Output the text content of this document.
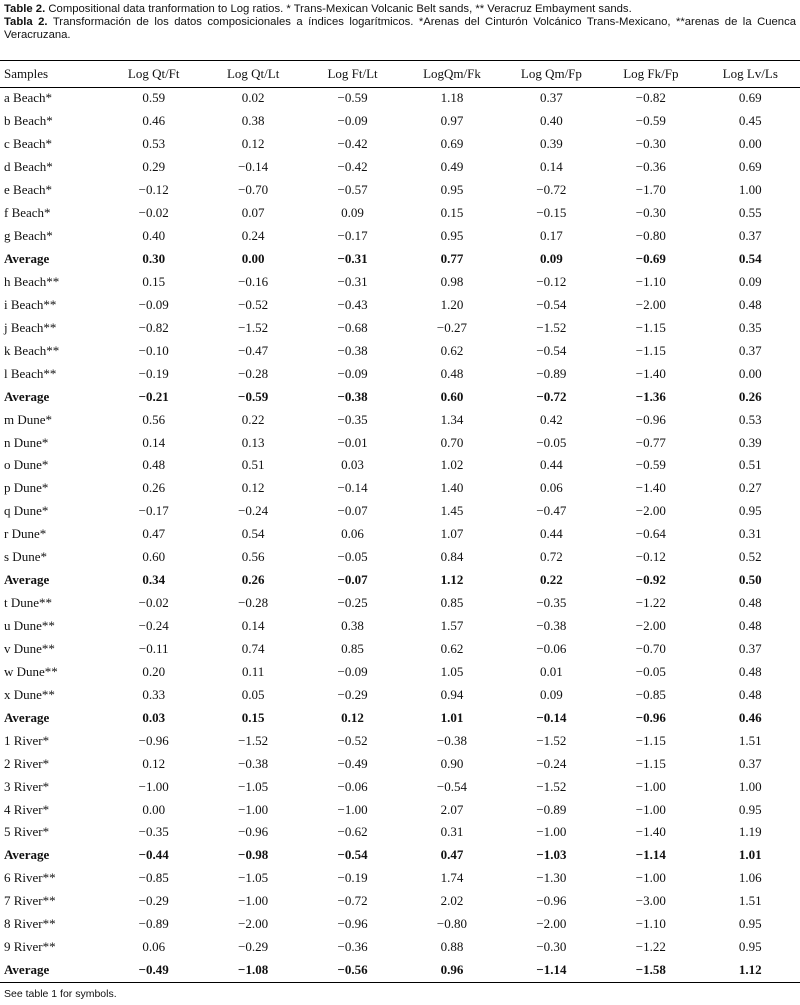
Table 2. Compositional data tranformation to Log ratios. * Trans-Mexican Volcanic Belt sands, ** Veracruz Embayment sands.
Tabla 2. Transformación de los datos composicionales a índices logarítmicos. *Arenas del Cinturón Volcánico Trans-Mexicano, **arenas de la Cuenca Veracruzana.
Samples	Log Qt/Ft	Log Qt/Lt	Log Ft/Lt	LogQm/Fk	Log Qm/Fp	Log Fk/Fp	Log Lv/Ls
a Beach*	0.59	0.02	−0.59	1.18	0.37	−0.82	0.69
b Beach*	0.46	0.38	−0.09	0.97	0.40	−0.59	0.45
c Beach*	0.53	0.12	−0.42	0.69	0.39	−0.30	0.00
d Beach*	0.29	−0.14	−0.42	0.49	0.14	−0.36	0.69
e Beach*	−0.12	−0.70	−0.57	0.95	−0.72	−1.70	1.00
f Beach*	−0.02	0.07	0.09	0.15	−0.15	−0.30	0.55
g Beach*	0.40	0.24	−0.17	0.95	0.17	−0.80	0.37
Average	0.30	0.00	−0.31	0.77	0.09	−0.69	0.54
h Beach**	0.15	−0.16	−0.31	0.98	−0.12	−1.10	0.09
i Beach**	−0.09	−0.52	−0.43	1.20	−0.54	−2.00	0.48
j Beach**	−0.82	−1.52	−0.68	−0.27	−1.52	−1.15	0.35
k Beach**	−0.10	−0.47	−0.38	0.62	−0.54	−1.15	0.37
l Beach**	−0.19	−0.28	−0.09	0.48	−0.89	−1.40	0.00
Average	−0.21	−0.59	−0.38	0.60	−0.72	−1.36	0.26
m Dune*	0.56	0.22	−0.35	1.34	0.42	−0.96	0.53
n Dune*	0.14	0.13	−0.01	0.70	−0.05	−0.77	0.39
o Dune*	0.48	0.51	0.03	1.02	0.44	−0.59	0.51
p Dune*	0.26	0.12	−0.14	1.40	0.06	−1.40	0.27
q Dune*	−0.17	−0.24	−0.07	1.45	−0.47	−2.00	0.95
r Dune*	0.47	0.54	0.06	1.07	0.44	−0.64	0.31
s Dune*	0.60	0.56	−0.05	0.84	0.72	−0.12	0.52
Average	0.34	0.26	−0.07	1.12	0.22	−0.92	0.50
t Dune**	−0.02	−0.28	−0.25	0.85	−0.35	−1.22	0.48
u Dune**	−0.24	0.14	0.38	1.57	−0.38	−2.00	0.48
v Dune**	−0.11	0.74	0.85	0.62	−0.06	−0.70	0.37
w Dune**	0.20	0.11	−0.09	1.05	0.01	−0.05	0.48
x Dune**	0.33	0.05	−0.29	0.94	0.09	−0.85	0.48
Average	0.03	0.15	0.12	1.01	−0.14	−0.96	0.46
1 River*	−0.96	−1.52	−0.52	−0.38	−1.52	−1.15	1.51
2 River*	0.12	−0.38	−0.49	0.90	−0.24	−1.15	0.37
3 River*	−1.00	−1.05	−0.06	−0.54	−1.52	−1.00	1.00
4 River*	0.00	−1.00	−1.00	2.07	−0.89	−1.00	0.95
5 River*	−0.35	−0.96	−0.62	0.31	−1.00	−1.40	1.19
Average	−0.44	−0.98	−0.54	0.47	−1.03	−1.14	1.01
6 River**	−0.85	−1.05	−0.19	1.74	−1.30	−1.00	1.06
7 River**	−0.29	−1.00	−0.72	2.02	−0.96	−3.00	1.51
8 River**	−0.89	−2.00	−0.96	−0.80	−2.00	−1.10	0.95
9 River**	0.06	−0.29	−0.36	0.88	−0.30	−1.22	0.95
Average	−0.49	−1.08	−0.56	0.96	−1.14	−1.58	1.12
See table 1 for symbols.
